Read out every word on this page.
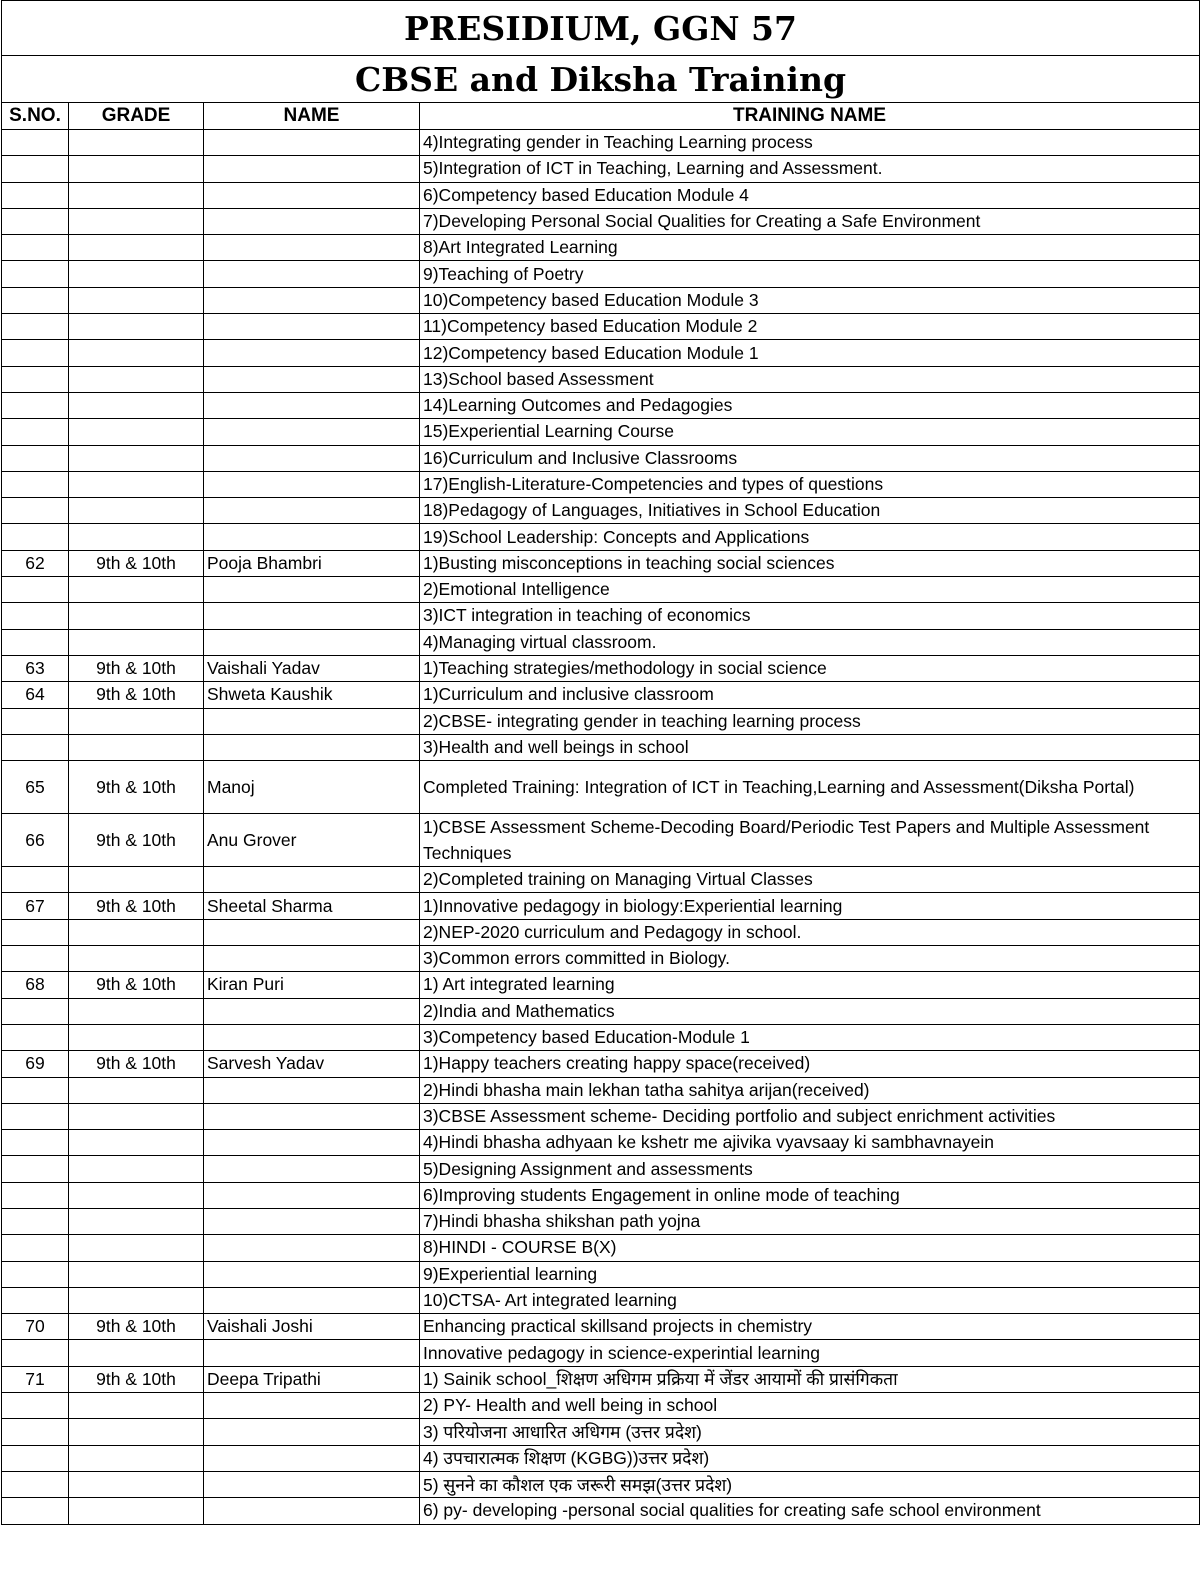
PRESIDIUM, GGN 57			
CBSE and Diksha Training			
S.NO.	GRADE	NAME	TRAINING NAME
			4)Integrating gender in Teaching Learning process
			5)Integration of ICT in Teaching, Learning and Assessment.
			6)Competency based Education Module 4
			7)Developing Personal Social Qualities for Creating a Safe Environment
			8)Art Integrated Learning
			9)Teaching of Poetry
			10)Competency based Education Module 3
			11)Competency based Education Module 2
			12)Competency based Education Module 1
			13)School based Assessment
			14)Learning Outcomes and Pedagogies
			15)Experiential Learning Course
			16)Curriculum and Inclusive Classrooms
			17)English-Literature-Competencies and types of questions
			18)Pedagogy of Languages, Initiatives in School Education
			19)School Leadership: Concepts and Applications
62	9th & 10th	Pooja Bhambri	1)Busting misconceptions in teaching social sciences
			2)Emotional Intelligence
			3)ICT integration in teaching of economics
			4)Managing virtual classroom.
63	9th & 10th	Vaishali Yadav	1)Teaching strategies/methodology in social science
64	9th & 10th	Shweta Kaushik	1)Curriculum and inclusive classroom
			2)CBSE- integrating gender in teaching learning process
			3)Health and well beings in school
65	9th & 10th	Manoj	Completed Training: Integration of ICT in Teaching,Learning and Assessment(Diksha Portal)
66	9th & 10th	Anu Grover	1)CBSE Assessment Scheme-Decoding Board/Periodic Test Papers and Multiple Assessment Techniques
			2)Completed training on Managing Virtual Classes
67	9th & 10th	Sheetal Sharma	1)Innovative pedagogy in biology:Experiential learning
			2)NEP-2020 curriculum and Pedagogy in school.
			3)Common errors committed in Biology.
68	9th & 10th	Kiran Puri	1) Art integrated learning
			2)India and Mathematics
			3)Competency based Education-Module 1
69	9th & 10th	Sarvesh Yadav	1)Happy teachers creating happy space(received)
			2)Hindi bhasha main lekhan tatha sahitya arijan(received)
			3)CBSE Assessment scheme- Deciding portfolio and subject enrichment activities
			4)Hindi bhasha adhyaan ke kshetr me ajivika vyavsaay ki sambhavnayein
			5)Designing Assignment and assessments
			6)Improving students Engagement in online mode of teaching
			7)Hindi bhasha shikshan path yojna
			8)HINDI - COURSE B(X)
			9)Experiential learning
			10)CTSA- Art integrated learning
70	9th & 10th	Vaishali Joshi	Enhancing practical skillsand projects in chemistry
			Innovative pedagogy in science-experintial learning
71	9th & 10th	Deepa Tripathi	1) Sainik school_शिक्षण अधिगम प्रक्रिया में जेंडर आयामों की प्रासंगिकता
			2) PY- Health and well being in school
			3) परियोजना आधारित अधिगम (उत्तर प्रदेश)
			4) उपचारात्मक शिक्षण (KGBG))उत्तर प्रदेश)
			5) सुनने का कौशल एक जरूरी समझ(उत्तर प्रदेश)
			6) py- developing -personal social qualities for creating safe school environment
